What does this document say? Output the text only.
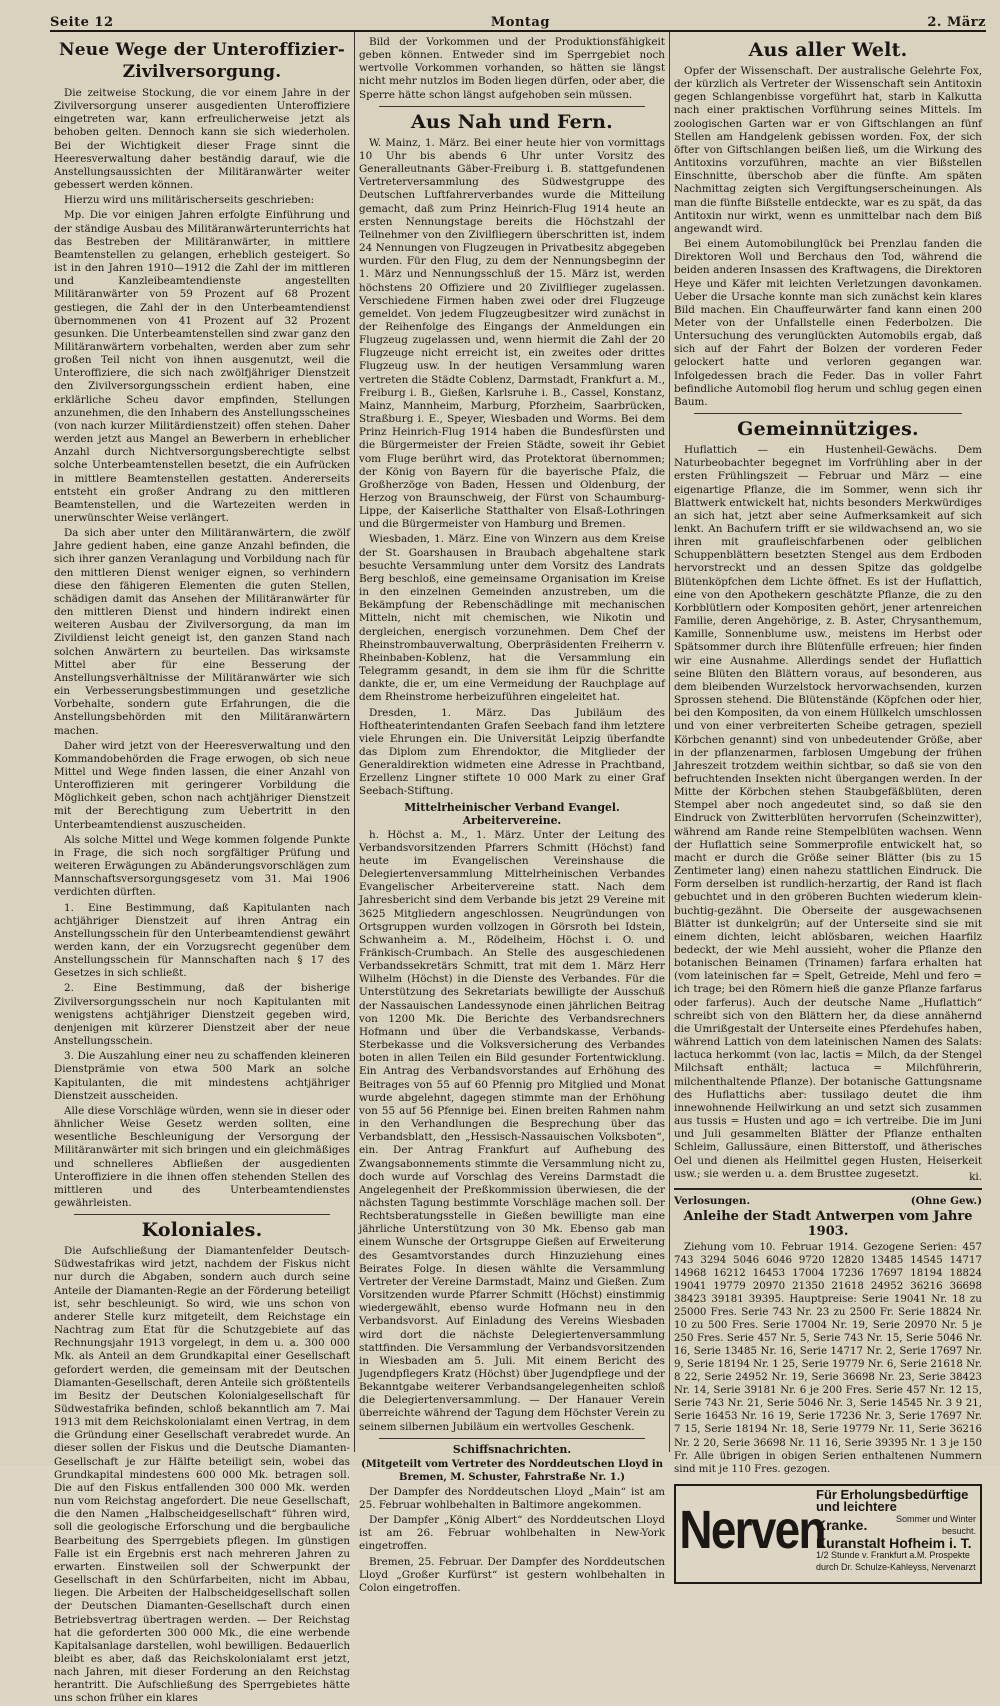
Seite 12	Montag	2. März
Neue Wege der Unteroffizier-Zivilversorgung.

Die zeitweise Stockung, die vor einem Jahre in der Zivilversorgung unserer ausgedienten Unteroffiziere eingetreten war, kann erfreulicherweise jetzt als behoben gelten. Dennoch kann sie sich wiederholen. Bei der Wichtigkeit dieser Frage sinnt die Heeresverwaltung daher beständig darauf, wie die Anstellungsaussichten der Militäranwärter weiter gebessert werden können.

Hierzu wird uns militärischerseits geschrieben:

Mp. Die vor einigen Jahren erfolgte Einführung und der ständige Ausbau des Militäranwärterunterrichts hat das Bestreben der Militäranwärter, in mittlere Beamtenstellen zu gelangen, erheblich gesteigert. So ist in den Jahren 1910—1912 die Zahl der im mittleren und Kanzleibeamtendienste angestellten Militäranwärter von 59 Prozent auf 68 Prozent gestiegen, die Zahl der in den Unterbeamtendienst übernommenen von 41 Prozent auf 32 Prozent gesunken. Die Unterbeamtenstellen sind zwar ganz den Militäranwärtern vorbehalten, werden aber zum sehr großen Teil nicht von ihnen ausgenutzt, weil die Unteroffiziere, die sich nach zwölfjähriger Dienstzeit den Zivilversorgungsschein erdient haben, eine erklärliche Scheu davor empfinden, Stellungen anzunehmen, die den Inhabern des Anstellungsscheines (von nach kurzer Militärdienstzeit) offen stehen. Daher werden jetzt aus Mangel an Bewerbern in erheblicher Anzahl durch Nichtversorgungsberechtigte selbst solche Unterbeamtenstellen besetzt, die ein Aufrücken in mittlere Beamtenstellen gestatten. Andererseits entsteht ein großer Andrang zu den mittleren Beamtenstellen, und die Wartezeiten werden in unerwünschter Weise verlängert.

Da sich aber unter den Militäranwärtern, die zwölf Jahre gedient haben, eine ganze Anzahl befinden, die sich ihrer ganzen Veranlagung und Vorbildung nach für den mittleren Dienst weniger eignen, so verhindern diese den fähigeren Elementen die guten Stellen, schädigen damit das Ansehen der Militäranwärter für den mittleren Dienst und hindern indirekt einen weiteren Ausbau der Zivilversorgung, da man im Zivildienst leicht geneigt ist, den ganzen Stand nach solchen Anwärtern zu beurteilen. Das wirksamste Mittel aber für eine Besserung der Anstellungsverhältnisse der Militäranwärter wie sich ein Verbesserungsbestimmungen und gesetzliche Vorbehalte, sondern gute Erfahrungen, die die Anstellungsbehörden mit den Militäranwärtern machen.

Daher wird jetzt von der Heeresverwaltung und den Kommandobehörden die Frage erwogen, ob sich neue Mittel und Wege finden lassen, die einer Anzahl von Unteroffizieren mit geringerer Vorbildung die Möglichkeit geben, schon nach achtjähriger Dienstzeit mit der Berechtigung zum Uebertritt in den Unterbeamtendienst auszuscheiden.

Als solche Mittel und Wege kommen folgende Punkte in Frage, die sich noch sorgfältiger Prüfung und weiteren Erwägungen zu Abänderungsvorschlägen zum Mannschaftsversorgungsgesetz vom 31. Mai 1906 verdichten dürften.

1. Eine Bestimmung, daß Kapitulanten nach achtjähriger Dienstzeit auf ihren Antrag ein Anstellungsschein für den Unterbeamtendienst gewährt werden kann, der ein Vorzugsrecht gegenüber dem Anstellungsschein für Mannschaften nach § 17 des Gesetzes in sich schließt.

2. Eine Bestimmung, daß der bisherige Zivilversorgungsschein nur noch Kapitulanten mit wenigstens achtjähriger Dienstzeit gegeben wird, denjenigen mit kürzerer Dienstzeit aber der neue Anstellungsschein.

3. Die Auszahlung einer neu zu schaffenden kleineren Dienstprämie von etwa 500 Mark an solche Kapitulanten, die mit mindestens achtjähriger Dienstzeit ausscheiden.

Alle diese Vorschläge würden, wenn sie in dieser oder ähnlicher Weise Gesetz werden sollten, eine wesentliche Beschleunigung der Versorgung der Militäranwärter mit sich bringen und ein gleichmäßiges und schnelleres Abfließen der ausgedienten Unteroffiziere in die ihnen offen stehenden Stellen des mittleren und des Unterbeamtendienstes gewährleisten.

Koloniales.

Die Aufschließung der Diamantenfelder Deutsch-Südwestafrikas wird jetzt, nachdem der Fiskus nicht nur durch die Abgaben, sondern auch durch seine Anteile der Diamanten-Regie an der Förderung beteiligt ist, sehr beschleunigt. So wird, wie uns schon von anderer Stelle kurz mitgeteilt, dem Reichstage ein Nachtrag zum Etat für die Schutzgebiete auf das Rechnungsjahr 1913 vorgelegt, in dem u. a. 300 000 Mk. als Anteil an dem Grundkapital einer Gesellschaft gefordert werden, die gemeinsam mit der Deutschen Diamanten-Gesellschaft, deren Anteile sich größtenteils im Besitz der Deutschen Kolonialgesellschaft für Südwestafrika befinden, schloß bekanntlich am 7. Mai 1913 mit dem Reichskolonialamt einen Vertrag, in dem die Gründung einer Gesellschaft verabredet wurde. An dieser sollen der Fiskus und die Deutsche Diamanten-Gesellschaft je zur Hälfte beteiligt sein, wobei das Grundkapital mindestens 600 000 Mk. betragen soll. Die auf den Fiskus entfallenden 300 000 Mk. werden nun vom Reichstag angefordert. Die neue Gesellschaft, die den Namen „Halbscheidgesellschaft“ führen wird, soll die geologische Erforschung und die bergbauliche Bearbeitung des Sperrgebiets pflegen. Im günstigen Falle ist ein Ergebnis erst nach mehreren Jahren zu erwarten. Einstweilen soll der Schwerpunkt der Gesellschaft in den Schürfarbeiten, nicht im Abbau, liegen. Die Arbeiten der Halbscheidgesellschaft sollen der Deutschen Diamanten-Gesellschaft durch einen Betriebsvertrag übertragen werden. — Der Reichstag hat die geforderten 300 000 Mk., die eine werbende Kapitalsanlage darstellen, wohl bewilligen. Bedauerlich bleibt es aber, daß das Reichskolonialamt erst jetzt, nach Jahren, mit dieser Forderung an den Reichstag herantritt. Die Aufschließung des Sperrgebietes hätte uns schon früher ein klares

Bild der Vorkommen und der Produktionsfähigkeit geben können. Entweder sind im Sperrgebiet noch wertvolle Vorkommen vorhanden, so hätten sie längst nicht mehr nutzlos im Boden liegen dürfen, oder aber, die Sperre hätte schon längst aufgehoben sein müssen.

Aus Nah und Fern.

W. Mainz, 1. März. Bei einer heute hier von vormittags 10 Uhr bis abends 6 Uhr unter Vorsitz des Generalleutnants Gäber-Freiburg i. B. stattgefundenen Vertreterversammlung des Südwestgruppe des Deutschen Luftfahrerverbandes wurde die Mitteilung gemacht, daß zum Prinz Heinrich-Flug 1914 heute an ersten Nennungstage bereits die Höchstzahl der Teilnehmer von den Zivilfliegern überschritten ist, indem 24 Nennungen von Flugzeugen in Privatbesitz abgegeben wurden. Für den Flug, zu dem der Nennungsbeginn der 1. März und Nennungsschluß der 15. März ist, werden höchstens 20 Offiziere und 20 Zivilflieger zugelassen. Verschiedene Firmen haben zwei oder drei Flugzeuge gemeldet. Von jedem Flugzeugbesitzer wird zunächst in der Reihenfolge des Eingangs der Anmeldungen ein Flugzeug zugelassen und, wenn hiermit die Zahl der 20 Flugzeuge nicht erreicht ist, ein zweites oder drittes Flugzeug usw. In der heutigen Versammlung waren vertreten die Städte Coblenz, Darmstadt, Frankfurt a. M., Freiburg i. B., Gießen, Karlsruhe i. B., Cassel, Konstanz, Mainz, Mannheim, Marburg, Pforzheim, Saarbrücken, Straßburg i. E., Speyer, Wiesbaden und Worms. Bei dem Prinz Heinrich-Flug 1914 haben die Bundesfürsten und die Bürgermeister der Freien Städte, soweit ihr Gebiet vom Fluge berührt wird, das Protektorat übernommen; der König von Bayern für die bayerische Pfalz, die Großherzöge von Baden, Hessen und Oldenburg, der Herzog von Braunschweig, der Fürst von Schaumburg-Lippe, der Kaiserliche Statthalter von Elsaß-Lothringen und die Bürgermeister von Hamburg und Bremen.

Wiesbaden, 1. März. Eine von Winzern aus dem Kreise der St. Goarshausen in Braubach abgehaltene stark besuchte Versammlung unter dem Vorsitz des Landrats Berg beschloß, eine gemeinsame Organisation im Kreise in den einzelnen Gemeinden anzustreben, um die Bekämpfung der Rebenschädlinge mit mechanischen Mitteln, nicht mit chemischen, wie Nikotin und dergleichen, energisch vorzunehmen. Dem Chef der Rheinstrombauverwaltung, Oberpräsidenten Freiherrn v. Rheinbaben-Koblenz, hat die Versammlung ein Telegramm gesandt, in dem sie ihm für die Schritte dankte, die er, um eine Vermeidung der Rauchplage auf dem Rheinstrome herbeizuführen eingeleitet hat.

Dresden, 1. März. Das Jubiläum des Hoftheaterintendanten Grafen Seebach fand ihm letztere viele Ehrungen ein. Die Universität Leipzig überfandte das Diplom zum Ehrendoktor, die Mitglieder der Generaldirektion widmeten eine Adresse in Prachtband, Erzellenz Lingner stiftete 10 000 Mark zu einer Graf Seebach-Stiftung.

Mittelrheinischer Verband Evangel. Arbeitervereine.

h. Höchst a. M., 1. März. Unter der Leitung des Verbandsvorsitzenden Pfarrers Schmitt (Höchst) fand heute im Evangelischen Vereinshause die Delegiertenversammlung Mittelrheinischen Verbandes Evangelischer Arbeitervereine statt. Nach dem Jahresbericht sind dem Verbande bis jetzt 29 Vereine mit 3625 Mitgliedern angeschlossen. Neugründungen von Ortsgruppen wurden vollzogen in Görsroth bei Idstein, Schwanheim a. M., Rödelheim, Höchst i. O. und Fränkisch-Crumbach. An Stelle des ausgeschiedenen Verbandssekretärs Schmitt, trat mit dem 1. März Herr Wilhelm (Höchst) in die Dienste des Verbandes. Für die Unterstützung des Sekretariats bewilligte der Ausschuß der Nassauischen Landessynode einen jährlichen Beitrag von 1200 Mk. Die Berichte des Verbandsrechners Hofmann und über die Verbandskasse, Verbands-Sterbekasse und die Volksversicherung des Verbandes boten in allen Teilen ein Bild gesunder Fortentwicklung. Ein Antrag des Verbandsvorstandes auf Erhöhung des Beitrages von 55 auf 60 Pfennig pro Mitglied und Monat wurde abgelehnt, dagegen stimmte man der Erhöhung von 55 auf 56 Pfennige bei. Einen breiten Rahmen nahm in den Verhandlungen die Besprechung über das Verbandsblatt, den „Hessisch-Nassauischen Volksboten“, ein. Der Antrag Frankfurt auf Aufhebung des Zwangsabonnements stimmte die Versammlung nicht zu, doch wurde auf Vorschlag des Vereins Darmstadt die Angelegenheit der Preßkommission überwiesen, die der nächsten Tagung bestimmte Vorschläge machen soll. Der Rechtsberatungsstelle in Gießen bewilligte man eine jährliche Unterstützung von 30 Mk. Ebenso gab man einem Wunsche der Ortsgruppe Gießen auf Erweiterung des Gesamtvorstandes durch Hinzuziehung eines Beirates Folge. In diesen wählte die Versammlung Vertreter der Vereine Darmstadt, Mainz und Gießen. Zum Vorsitzenden wurde Pfarrer Schmitt (Höchst) einstimmig wiedergewählt, ebenso wurde Hofmann neu in den Verbandsvorst. Auf Einladung des Vereins Wiesbaden wird dort die nächste Delegiertenversammlung stattfinden. Die Versammlung der Verbandsvorsitzenden in Wiesbaden am 5. Juli. Mit einem Bericht des Jugendpflegers Kratz (Höchst) über Jugendpflege und der Bekanntgabe weiterer Verbandsangelegenheiten schloß die Delegiertenversammlung. — Der Hanauer Verein überreichte während der Tagung dem Höchster Verein zu seinem silbernen Jubiläum ein wertvolles Geschenk.

Schiffsnachrichten.
(Mitgeteilt vom Vertreter des Norddeutschen Lloyd in Bremen, M. Schuster, Fahrstraße Nr. 1.)

Der Dampfer des Norddeutschen Lloyd „Main“ ist am 25. Februar wohlbehalten in Baltimore angekommen.

Der Dampfer „König Albert“ des Norddeutschen Lloyd ist am 26. Februar wohlbehalten in New-York eingetroffen.

Bremen, 25. Februar. Der Dampfer des Norddeutschen Lloyd „Großer Kurfürst“ ist gestern wohlbehalten in Colon eingetroffen.

Aus aller Welt.

Opfer der Wissenschaft. Der australische Gelehrte Fox, der kürzlich als Vertreter der Wissenschaft sein Antitoxin gegen Schlangenbisse vorgeführt hat, starb in Kalkutta nach einer praktischen Vorführung seines Mittels. Im zoologischen Garten war er von Giftschlangen an fünf Stellen am Handgelenk gebissen worden. Fox, der sich öfter von Giftschlangen beißen ließ, um die Wirkung des Antitoxins vorzuführen, machte an vier Bißstellen Einschnitte, überschob aber die fünfte. Am späten Nachmittag zeigten sich Vergiftungserscheinungen. Als man die fünfte Bißstelle entdeckte, war es zu spät, da das Antitoxin nur wirkt, wenn es unmittelbar nach dem Biß angewandt wird.

Bei einem Automobilunglück bei Prenzlau fanden die Direktoren Woll und Berchaus den Tod, während die beiden anderen Insassen des Kraftwagens, die Direktoren Heye und Käfer mit leichten Verletzungen davonkamen. Ueber die Ursache konnte man sich zunächst kein klares Bild machen. Ein Chauffeurwärter fand kann einen 200 Meter von der Unfallstelle einen Federbolzen. Die Untersuchung des verunglückten Automobils ergab, daß sich auf der Fahrt der Bolzen der vorderen Feder gelockert hatte und verloren gegangen war. Infolgedessen brach die Feder. Das in voller Fahrt befindliche Automobil flog herum und schlug gegen einen Baum.

Gemeinnütziges.

Huflattich — ein Hustenheil-Gewächs. Dem Naturbeobachter begegnet im Vorfrühling aber in der ersten Frühlingszeit — Februar und März — eine eigenartige Pflanze, die im Sommer, wenn sich ihr Blattwerk entwickelt hat, nichts besonders Merkwürdiges an sich hat, jetzt aber seine Aufmerksamkeit auf sich lenkt. An Bachufern trifft er sie wildwachsend an, wo sie ihren mit graufleischfarbenen oder gelblichen Schuppenblättern besetzten Stengel aus dem Erdboden hervorstreckt und an dessen Spitze das goldgelbe Blütenköpfchen dem Lichte öffnet. Es ist der Huflattich, eine von den Apothekern geschätzte Pflanze, die zu den Korbblütlern oder Kompositen gehört, jener artenreichen Familie, deren Angehörige, z. B. Aster, Chrysanthemum, Kamille, Sonnenblume usw., meistens im Herbst oder Spätsommer durch ihre Blütenfülle erfreuen; hier finden wir eine Ausnahme. Allerdings sendet der Huflattich seine Blüten den Blättern voraus, auf besonderen, aus dem bleibenden Wurzelstock hervorwachsenden, kurzen Sprossen stehend. Die Blütenstände (Köpfchen oder hier, bei den Kompositen, da von einem Hüllkelch umschlossen und von einer verbreiterten Scheibe getragen, speziell Körbchen genannt) sind von unbedeutender Größe, aber in der pflanzenarmen, farblosen Umgebung der frühen Jahreszeit trotzdem weithin sichtbar, so daß sie von den befruchtenden Insekten nicht übergangen werden. In der Mitte der Körbchen stehen Staubgefäßblüten, deren Stempel aber noch angedeutet sind, so daß sie den Eindruck von Zwitterblüten hervorrufen (Scheinzwitter), während am Rande reine Stempelblüten wachsen. Wenn der Huflattich seine Sommerprofile entwickelt hat, so macht er durch die Größe seiner Blätter (bis zu 15 Zentimeter lang) einen nahezu stattlichen Eindruck. Die Form derselben ist rundlich-herzartig, der Rand ist flach gebuchtet und in den gröberen Buchten wiederum klein-buchtig-gezähnt. Die Oberseite der ausgewachsenen Blätter ist dunkelgrün; auf der Unterseite sind sie mit einem dichten, leicht ablösbaren, weichen Haarfilz bedeckt, der wie Mehl aussieht, woher die Pflanze den botanischen Beinamen (Trinamen) farfara erhalten hat (vom lateinischen far = Spelt, Getreide, Mehl und fero = ich trage; bei den Römern hieß die ganze Pflanze farfarus oder farferus). Auch der deutsche Name „Huflattich“ schreibt sich von den Blättern her, da diese annähernd die Umrißgestalt der Unterseite eines Pferdehufes haben, während Lattich von dem lateinischen Namen des Salats: lactuca herkommt (von lac, lactis = Milch, da der Stengel Milchsaft enthält; lactuca = Milchführerin, milchenthaltende Pflanze). Der botanische Gattungsname des Huflattichs aber: tussilago deutet die ihm innewohnende Heilwirkung an und setzt sich zusammen aus tussis = Husten und ago = ich vertreibe. Die im Juni und Juli gesammelten Blätter der Pflanze enthalten Schleim, Gallussäure, einen Bitterstoff, und ätherisches Oel und dienen als Heilmittel gegen Husten, Heiserkeit usw.; sie werden u. a. dem Brusttee zugesetzt.	ki.
Verlosungen.	(Ohne Gew.)
Anleihe der Stadt Antwerpen vom Jahre 1903.

Ziehung vom 10. Februar 1914. Gezogene Serien: 457 743 3294 5046 6046 9720 12820 13485 14545 14717 14968 16212 16453 17004 17236 17697 18194 18824 19041 19779 20970 21350 21618 24952 36216 36698 38423 39181 39395. Hauptpreise: Serie 19041 Nr. 18 zu 25000 Fres. Serie 743 Nr. 23 zu 2500 Fr. Serie 18824 Nr. 10 zu 500 Fres. Serie 17004 Nr. 19, Serie 20970 Nr. 5 je 250 Fres. Serie 457 Nr. 5, Serie 743 Nr. 15, Serie 5046 Nr. 16, Serie 13485 Nr. 16, Serie 14717 Nr. 2, Serie 17697 Nr. 9, Serie 18194 Nr. 1 25, Serie 19779 Nr. 6, Serie 21618 Nr. 8 22, Serie 24952 Nr. 19, Serie 36698 Nr. 23, Serie 38423 Nr. 14, Serie 39181 Nr. 6 je 200 Fres. Serie 457 Nr. 12 15, Serie 743 Nr. 21, Serie 5046 Nr. 3, Serie 14545 Nr. 3 9 21, Serie 16453 Nr. 16 19, Serie 17236 Nr. 3, Serie 17697 Nr. 7 15, Serie 18194 Nr. 18, Serie 19779 Nr. 11, Serie 36216 Nr. 2 20, Serie 36698 Nr. 11 16, Serie 39395 Nr. 1 3 je 150 Fr. Alle übrigen in obigen Serien enthaltenen Nummern sind mit je 110 Fres. gezogen.

Nerven
Für Erholungsbedürftige und leichtere
Kranke.	Sommer und Winter besucht.
Kuranstalt Hofheim i. T.
1/2 Stunde v. Frankfurt a.M. Prospekte
durch Dr. Schulze-Kahleyss, Nervenarzt
